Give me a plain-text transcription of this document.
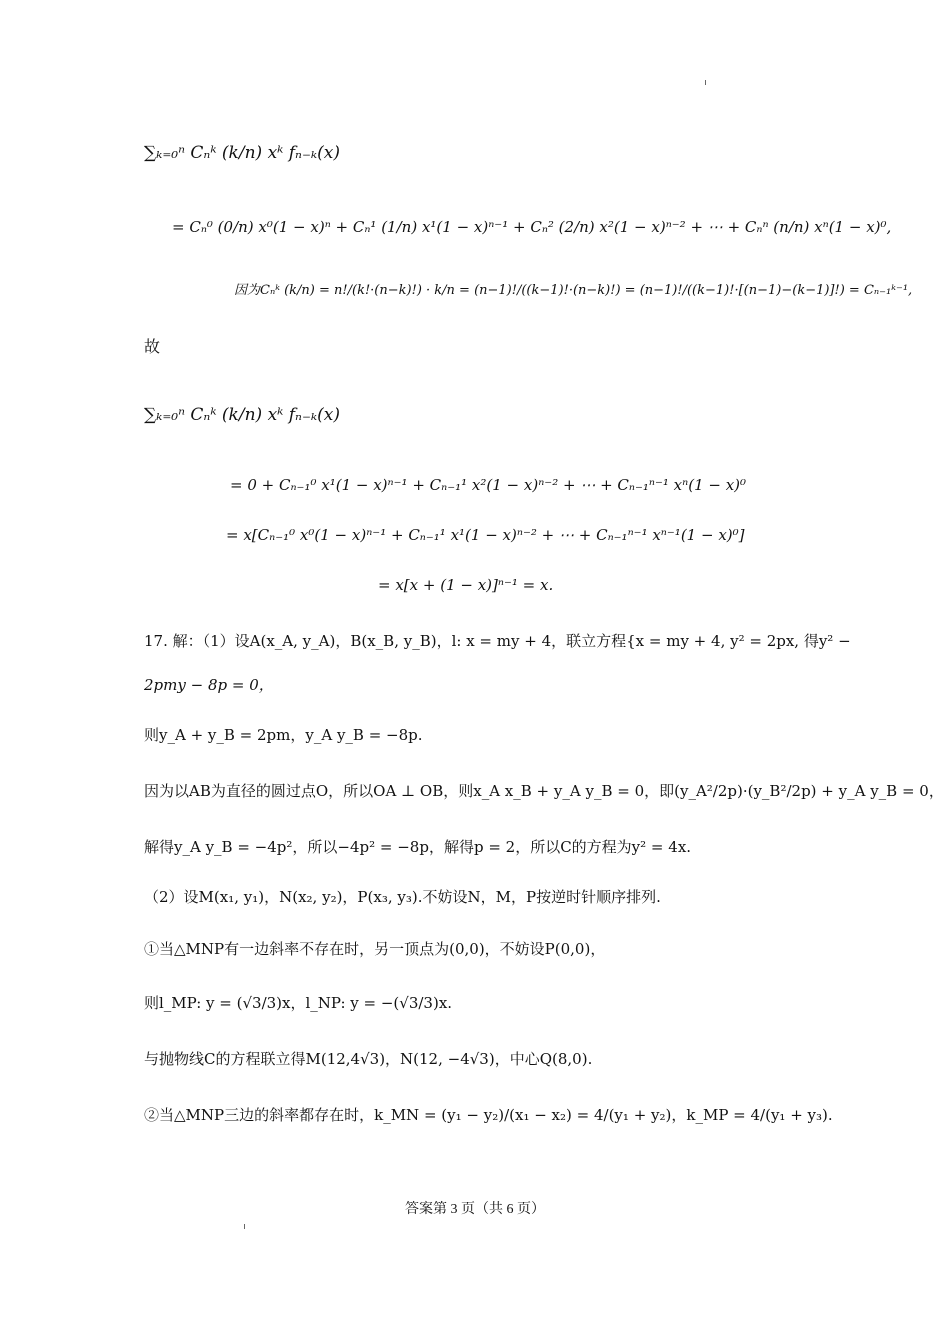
∑ₖ₌₀ⁿ Cₙᵏ (k/n) xᵏ fₙ₋ₖ(x)
= Cₙ⁰ (0/n) x⁰(1 − x)ⁿ + Cₙ¹ (1/n) x¹(1 − x)ⁿ⁻¹ + Cₙ² (2/n) x²(1 − x)ⁿ⁻² + ⋯ + Cₙⁿ (n/n) xⁿ(1 − x)⁰,
因为Cₙᵏ (k/n) = n!/(k!·(n−k)!) · k/n = (n−1)!/((k−1)!·(n−k)!) = (n−1)!/((k−1)!·[(n−1)−(k−1)]!) = Cₙ₋₁ᵏ⁻¹,
故
∑ₖ₌₀ⁿ Cₙᵏ (k/n) xᵏ fₙ₋ₖ(x)
= 0 + Cₙ₋₁⁰ x¹(1 − x)ⁿ⁻¹ + Cₙ₋₁¹ x²(1 − x)ⁿ⁻² + ⋯ + Cₙ₋₁ⁿ⁻¹ xⁿ(1 − x)⁰
= x[Cₙ₋₁⁰ x⁰(1 − x)ⁿ⁻¹ + Cₙ₋₁¹ x¹(1 − x)ⁿ⁻² + ⋯ + Cₙ₋₁ⁿ⁻¹ xⁿ⁻¹(1 − x)⁰]
= x[x + (1 − x)]ⁿ⁻¹ = x.
17. 解：（1）设A(x_A, y_A)，B(x_B, y_B)，l: x = my + 4，联立方程{x = my + 4, y² = 2px, 得y² −
2pmy − 8p = 0，
则y_A + y_B = 2pm，y_A y_B = −8p.
因为以AB为直径的圆过点O，所以OA ⊥ OB，则x_A x_B + y_A y_B = 0，即(y_A²/2p)·(y_B²/2p) + y_A y_B = 0，
解得y_A y_B = −4p²，所以−4p² = −8p，解得p = 2，所以C的方程为y² = 4x.
（2）设M(x₁, y₁)，N(x₂, y₂)，P(x₃, y₃).不妨设N，M，P按逆时针顺序排列.
①当△MNP有一边斜率不存在时，另一顶点为(0,0)，不妨设P(0,0)，
则l_MP: y = (√3/3)x，l_NP: y = −(√3/3)x.
与抛物线C的方程联立得M(12,4√3)，N(12, −4√3)，中心Q(8,0).
②当△MNP三边的斜率都存在时，k_MN = (y₁ − y₂)/(x₁ − x₂) = 4/(y₁ + y₂)，k_MP = 4/(y₁ + y₃).
答案第 3 页（共 6 页）
